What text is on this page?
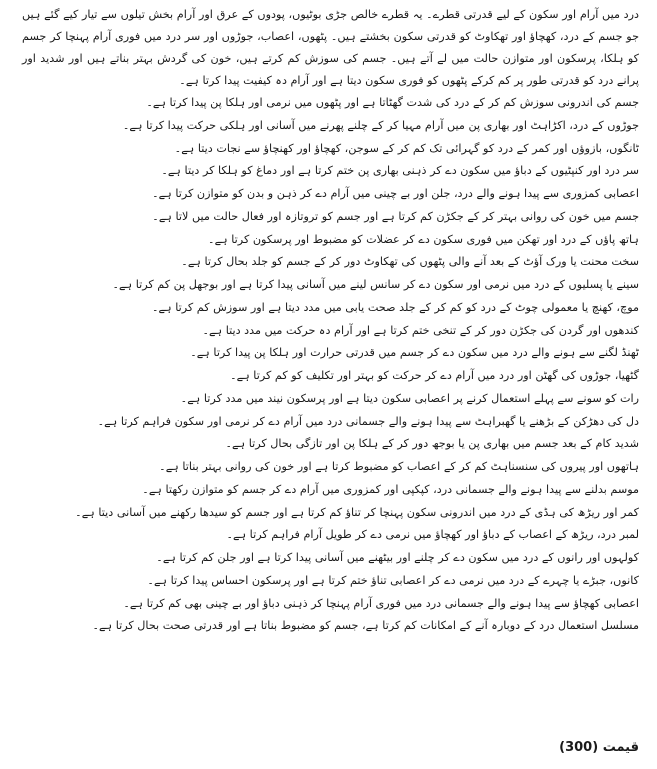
درد میں آرام اور سکون کے لیے قدرتی قطرے۔ یہ قطرے خالص جڑی بوٹیوں، پودوں کے عرق اور آرام بخش تیلوں سے تیار کیے گئے ہیں جو جسم کے درد، کھچاؤ اور تھکاوٹ کو قدرتی سکون بخشتے ہیں۔ پٹھوں، اعصاب، جوڑوں اور سر درد میں فوری آرام پہنچا کر جسم کو ہلکا، پرسکون اور متوازن حالت میں لے آتے ہیں۔ جسم کی سوزش کم کرتے ہیں، خون کی گردش بہتر بناتے ہیں اور شدید اور پرانے درد کو قدرتی طور پر کم کرکے پٹھوں کو فوری سکون دیتا ہے اور آرام دہ کیفیت پیدا کرتا ہے۔

جسم کی اندرونی سوزش کم کر کے درد کی شدت گھٹاتا ہے اور پٹھوں میں نرمی اور ہلکا پن پیدا کرتا ہے۔
جوڑوں کے درد، اکڑاہٹ اور بھاری پن میں آرام مہیا کر کے چلنے پھرنے میں آسانی اور ہلکی حرکت پیدا کرتا ہے۔
ٹانگوں، بازوؤں اور کمر کے درد کو گہرائی تک کم کر کے سوجن، کھچاؤ اور کھنچاؤ سے نجات دیتا ہے۔
سر درد اور کنپٹیوں کے دباؤ میں سکون دے کر ذہنی بھاری پن ختم کرتا ہے اور دماغ کو ہلکا کر دیتا ہے۔
اعصابی کمزوری سے پیدا ہونے والے درد، جلن اور بے چینی میں آرام دے کر ذہن و بدن کو متوازن کرتا ہے۔
جسم میں خون کی روانی بہتر کر کے جکڑن کم کرتا ہے اور جسم کو تروتازہ اور فعال حالت میں لاتا ہے۔
ہاتھ پاؤں کے درد اور تھکن میں فوری سکون دے کر عضلات کو مضبوط اور پرسکون کرتا ہے۔
سخت محنت یا ورک آؤٹ کے بعد آنے والی پٹھوں کی تھکاوٹ دور کر کے جسم کو جلد بحال کرتا ہے۔
سینے یا پسلیوں کے درد میں نرمی اور سکون دے کر سانس لینے میں آسانی پیدا کرتا ہے اور بوجھل پن کم کرتا ہے۔
موچ، کھنچ یا معمولی چوٹ کے درد کو کم کر کے جلد صحت یابی میں مدد دیتا ہے اور سوزش کم کرتا ہے۔
کندھوں اور گردن کی جکڑن دور کر کے تنخی ختم کرتا ہے اور آرام دہ حرکت میں مدد دیتا ہے۔
ٹھنڈ لگنے سے ہونے والے درد میں سکون دے کر جسم میں قدرتی حرارت اور ہلکا پن پیدا کرتا ہے۔
گٹھیا، جوڑوں کی گھٹن اور درد میں آرام دے کر حرکت کو بہتر اور تکلیف کو کم کرتا ہے۔
رات کو سونے سے پہلے استعمال کرنے پر اعصابی سکون دیتا ہے اور پرسکون نیند میں مدد کرتا ہے۔
دل کی دھڑکن کے بڑھنے یا گھبراہٹ سے پیدا ہونے والے جسمانی درد میں آرام دے کر نرمی اور سکون فراہم کرتا ہے۔
شدید کام کے بعد جسم میں بھاری پن یا بوجھ دور کر کے ہلکا پن اور تازگی بحال کرتا ہے۔
ہاتھوں اور پیروں کی سنسناہٹ کم کر کے اعصاب کو مضبوط کرتا ہے اور خون کی روانی بہتر بناتا ہے۔
موسم بدلنے سے پیدا ہونے والے جسمانی درد، کپکپی اور کمزوری میں آرام دے کر جسم کو متوازن رکھتا ہے۔
کمر اور ریڑھ کی ہڈی کے درد میں اندرونی سکون پہنچا کر تناؤ کم کرتا ہے اور جسم کو سیدھا رکھنے میں آسانی دیتا ہے۔
لمبر درد، ریڑھ کے اعصاب کے دباؤ اور کھچاؤ میں نرمی دے کر طویل آرام فراہم کرتا ہے۔
کولہوں اور رانوں کے درد میں سکون دے کر چلنے اور بیٹھنے میں آسانی پیدا کرتا ہے اور جلن کم کرتا ہے۔
کانوں، جبڑے یا چہرے کے درد میں نرمی دے کر اعصابی تناؤ ختم کرتا ہے اور پرسکون احساس پیدا کرتا ہے۔
اعصابی کھچاؤ سے پیدا ہونے والے جسمانی درد میں فوری آرام پہنچا کر ذہنی دباؤ اور بے چینی بھی کم کرتا ہے۔
مسلسل استعمال درد کے دوبارہ آنے کے امکانات کم کرتا ہے، جسم کو مضبوط بناتا ہے اور قدرتی صحت بحال کرتا ہے۔
قیمت (300)
